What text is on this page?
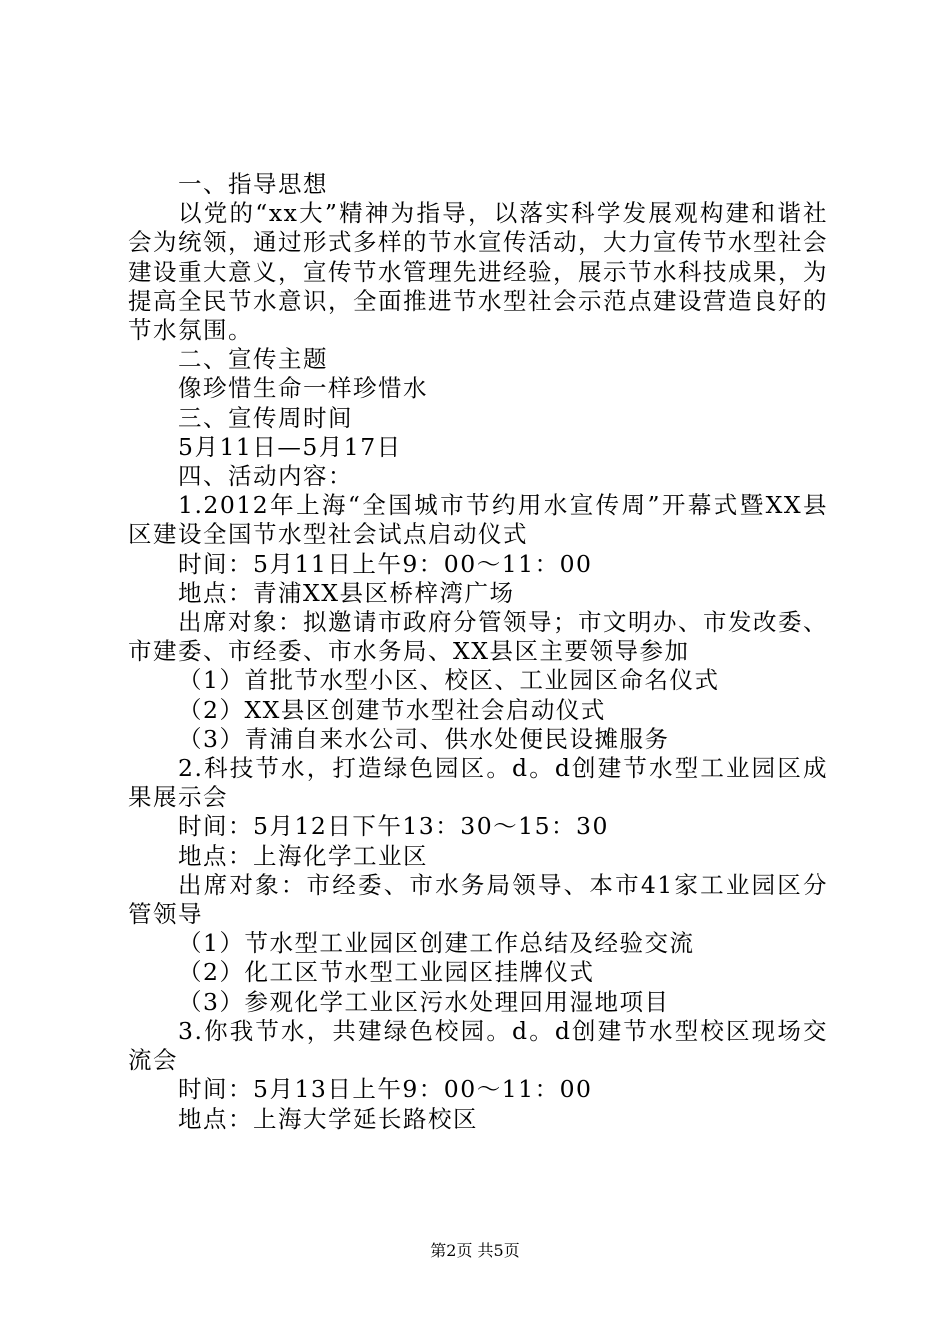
一、指导思想

以党的“xx大”精神为指导，以落实科学发展观构建和谐社会为统领，通过形式多样的节水宣传活动，大力宣传节水型社会建设重大意义，宣传节水管理先进经验，展示节水科技成果，为提高全民节水意识，全面推进节水型社会示范点建设营造良好的节水氛围。

二、宣传主题

像珍惜生命一样珍惜水

三、宣传周时间

5月11日—5月17日

四、活动内容：

1.2012年上海“全国城市节约用水宣传周”开幕式暨XX县区建设全国节水型社会试点启动仪式

时间：5月11日上午9：00～11：00

地点：青浦XX县区桥梓湾广场

出席对象：拟邀请市政府分管领导；市文明办、市发改委、市建委、市经委、市水务局、XX县区主要领导参加

（1）首批节水型小区、校区、工业园区命名仪式

（2）XX县区创建节水型社会启动仪式

（3）青浦自来水公司、供水处便民设摊服务

2.科技节水，打造绿色园区。d。d创建节水型工业园区成果展示会

时间：5月12日下午13：30～15：30

地点：上海化学工业区

出席对象：市经委、市水务局领导、本市41家工业园区分管领导

（1）节水型工业园区创建工作总结及经验交流

（2）化工区节水型工业园区挂牌仪式

（3）参观化学工业区污水处理回用湿地项目

3.你我节水，共建绿色校园。d。d创建节水型校区现场交流会

时间：5月13日上午9：00～11：00

地点：上海大学延长路校区

第2页 共5页
